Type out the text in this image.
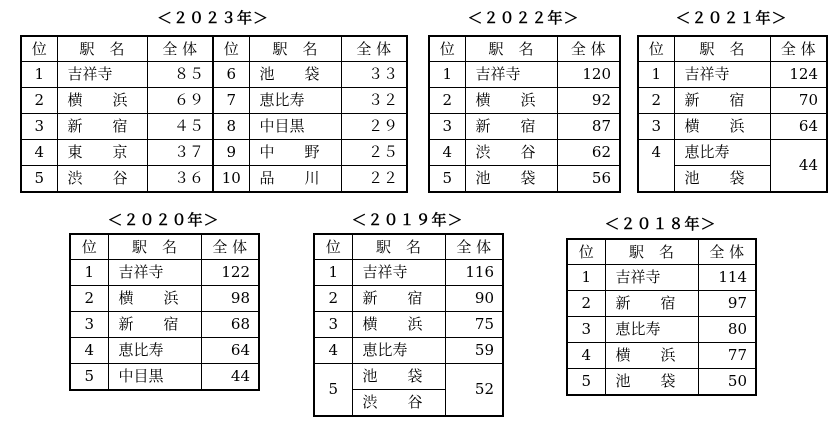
＜２０２３年＞
位	駅　名	全 体	位	駅　名	全 体
1	吉祥寺	８５	6	池　　袋	３３
2	横　　浜	６９	7	恵比寿	３２
3	新　　宿	４５	8	中目黒	２９
4	東　　京	３７	9	中　　野	２５
5	渋　　谷	３６	10	品　　川	２２
＜２０２２年＞
位	駅　名	全 体
1	吉祥寺	120
2	横　　浜	92
3	新　　宿	87
4	渋　　谷	62
5	池　　袋	56
＜２０２１年＞
位	駅　名	全 体
1	吉祥寺	124
2	新　　宿	70
3	横　　浜	64
4	恵比寿	44
	池　　袋	
＜２０２０年＞
位	駅　名	全 体
1	吉祥寺	122
2	横　　浜	98
3	新　　宿	68
4	恵比寿	64
5	中目黒	44
＜２０１９年＞
位	駅　名	全 体
1	吉祥寺	116
2	新　　宿	90
3	横　　浜	75
4	恵比寿	59
5	池　　袋	52
	渋　　谷	
＜２０１８年＞
位	駅　名	全 体
1	吉祥寺	114
2	新　　宿	97
3	恵比寿	80
4	横　　浜	77
5	池　　袋	50
